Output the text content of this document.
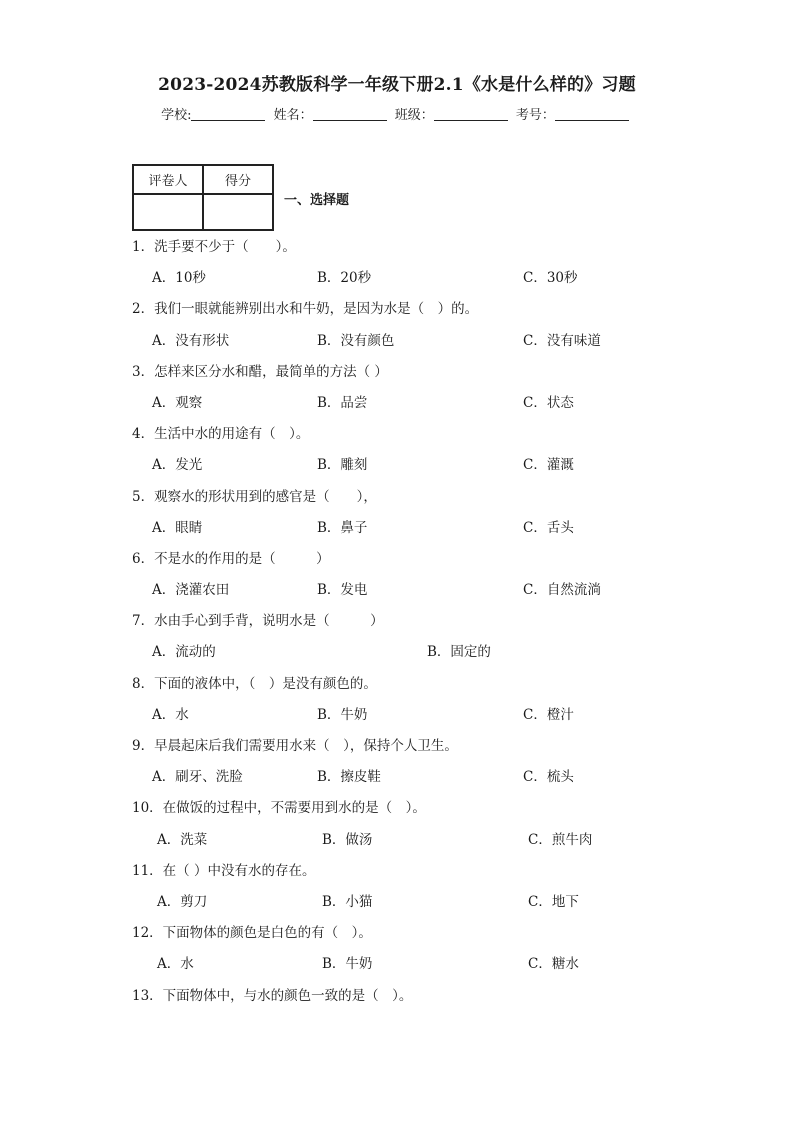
2023-2024苏教版科学一年级下册2.1《水是什么样的》习题
学校:	姓名：	班级：	考号：
评卷人	得分

一、选择题
1．洗手要不少于（　　）。
A．10秒	B．20秒	C．30秒
2．我们一眼就能辨别出水和牛奶，是因为水是（　）的。
A．没有形状	B．没有颜色	C．没有味道
3．怎样来区分水和醋，最简单的方法（ ）
A．观察	B．品尝	C．状态
4．生活中水的用途有（　）。
A．发光	B．雕刻	C．灌溉
5．观察水的形状用到的感官是（　　），
A．眼睛	B．鼻子	C．舌头
6．不是水的作用的是（　　　）
A．浇灌农田	B．发电	C．自然流淌
7．水由手心到手背，说明水是（　　　）
A．流动的	B．固定的
8．下面的液体中，（　）是没有颜色的。
A．水	B．牛奶	C．橙汁
9．早晨起床后我们需要用水来（　），保持个人卫生。
A．刷牙、洗脸	B．擦皮鞋	C．梳头
10．在做饭的过程中，不需要用到水的是（　）。
A．洗菜	B．做汤	C．煎牛肉
11．在（ ）中没有水的存在。
A．剪刀	B．小猫	C．地下
12．下面物体的颜色是白色的有（　）。
A．水	B．牛奶	C．糖水
13．下面物体中，与水的颜色一致的是（　）。
